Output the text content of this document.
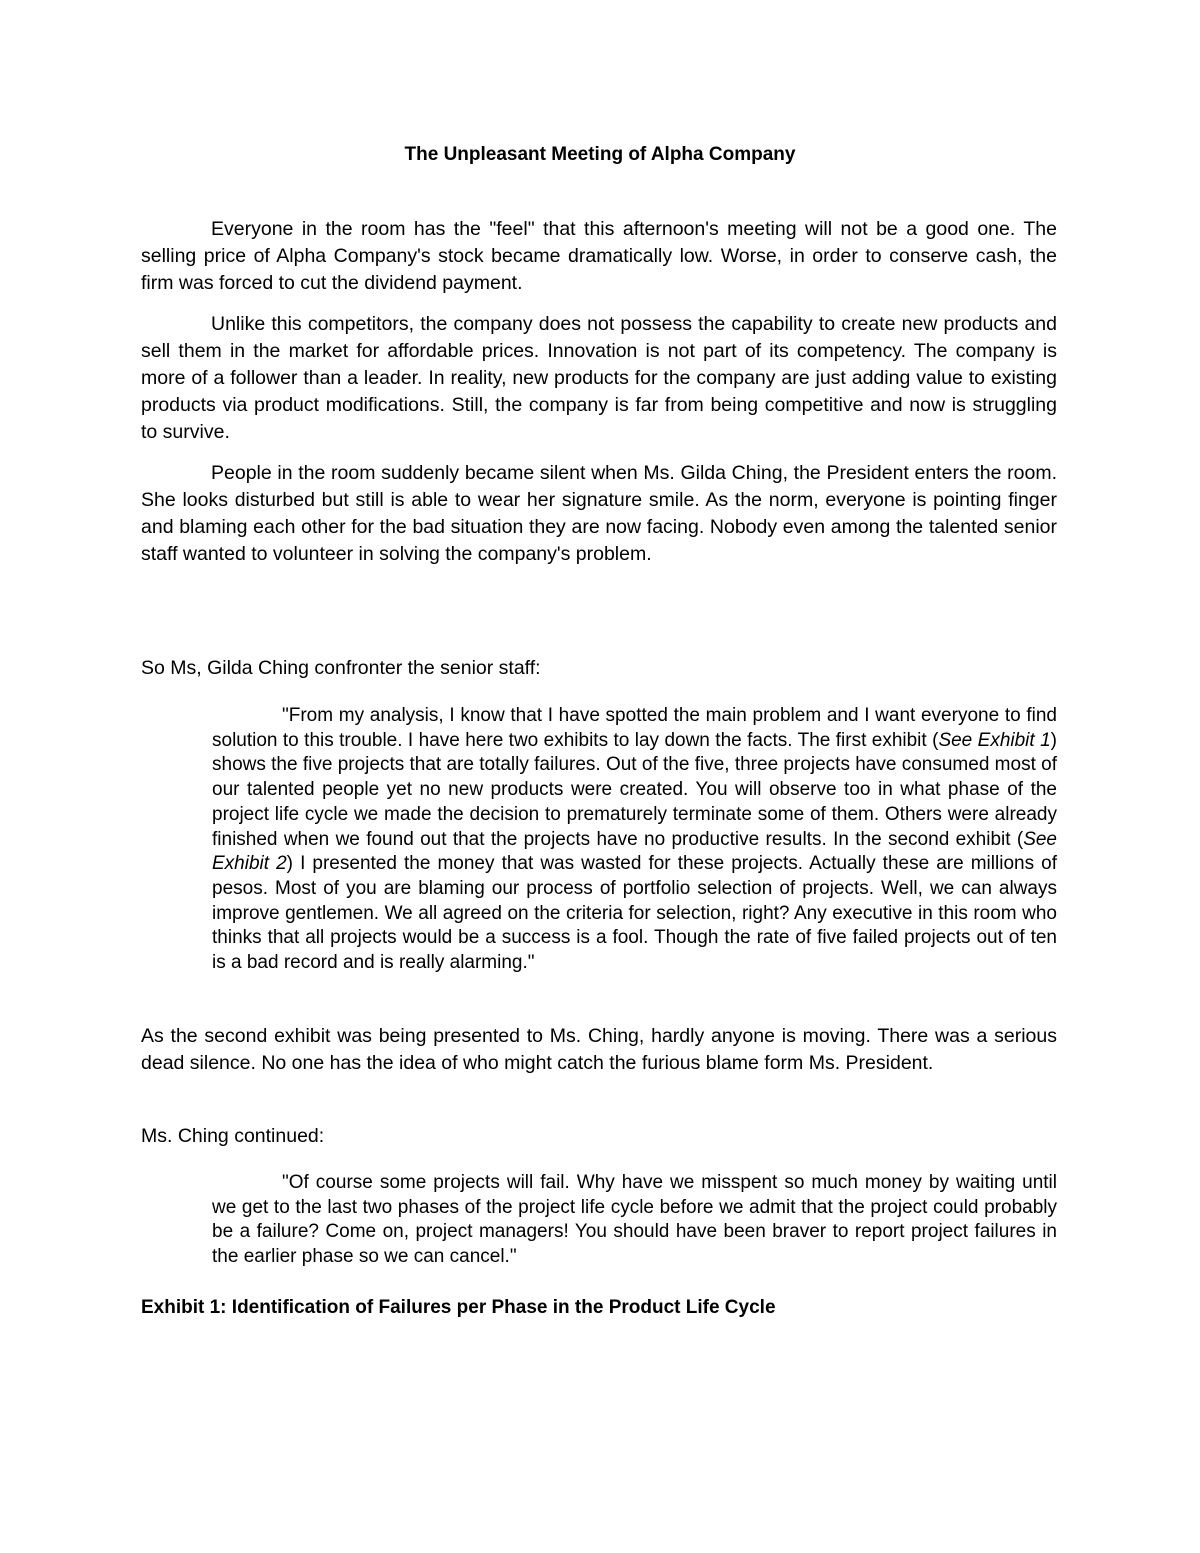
The Unpleasant Meeting of Alpha Company

Everyone in the room has the "feel" that this afternoon's meeting will not be a good one. The selling price of Alpha Company's stock became dramatically low. Worse, in order to conserve cash, the firm was forced to cut the dividend payment.

Unlike this competitors, the company does not possess the capability to create new products and sell them in the market for affordable prices. Innovation is not part of its competency. The company is more of a follower than a leader. In reality, new products for the company are just adding value to existing products via product modifications. Still, the company is far from being competitive and now is struggling to survive.

People in the room suddenly became silent when Ms. Gilda Ching, the President enters the room. She looks disturbed but still is able to wear her signature smile. As the norm, everyone is pointing finger and blaming each other for the bad situation they are now facing. Nobody even among the talented senior staff wanted to volunteer in solving the company's problem.

So Ms, Gilda Ching confronter the senior staff:

"From my analysis, I know that I have spotted the main problem and I want everyone to find solution to this trouble. I have here two exhibits to lay down the facts. The first exhibit (See Exhibit 1) shows the five projects that are totally failures. Out of the five, three projects have consumed most of our talented people yet no new products were created. You will observe too in what phase of the project life cycle we made the decision to prematurely terminate some of them. Others were already finished when we found out that the projects have no productive results. In the second exhibit (See Exhibit 2) I presented the money that was wasted for these projects. Actually these are millions of pesos. Most of you are blaming our process of portfolio selection of projects. Well, we can always improve gentlemen. We all agreed on the criteria for selection, right? Any executive in this room who thinks that all projects would be a success is a fool. Though the rate of five failed projects out of ten is a bad record and is really alarming."

As the second exhibit was being presented to Ms. Ching, hardly anyone is moving. There was a serious dead silence. No one has the idea of who might catch the furious blame form Ms. President.

Ms. Ching continued:

"Of course some projects will fail. Why have we misspent so much money by waiting until we get to the last two phases of the project life cycle before we admit that the project could probably be a failure? Come on, project managers! You should have been braver to report project failures in the earlier phase so we can cancel."

Exhibit 1: Identification of Failures per Phase in the Product Life Cycle
